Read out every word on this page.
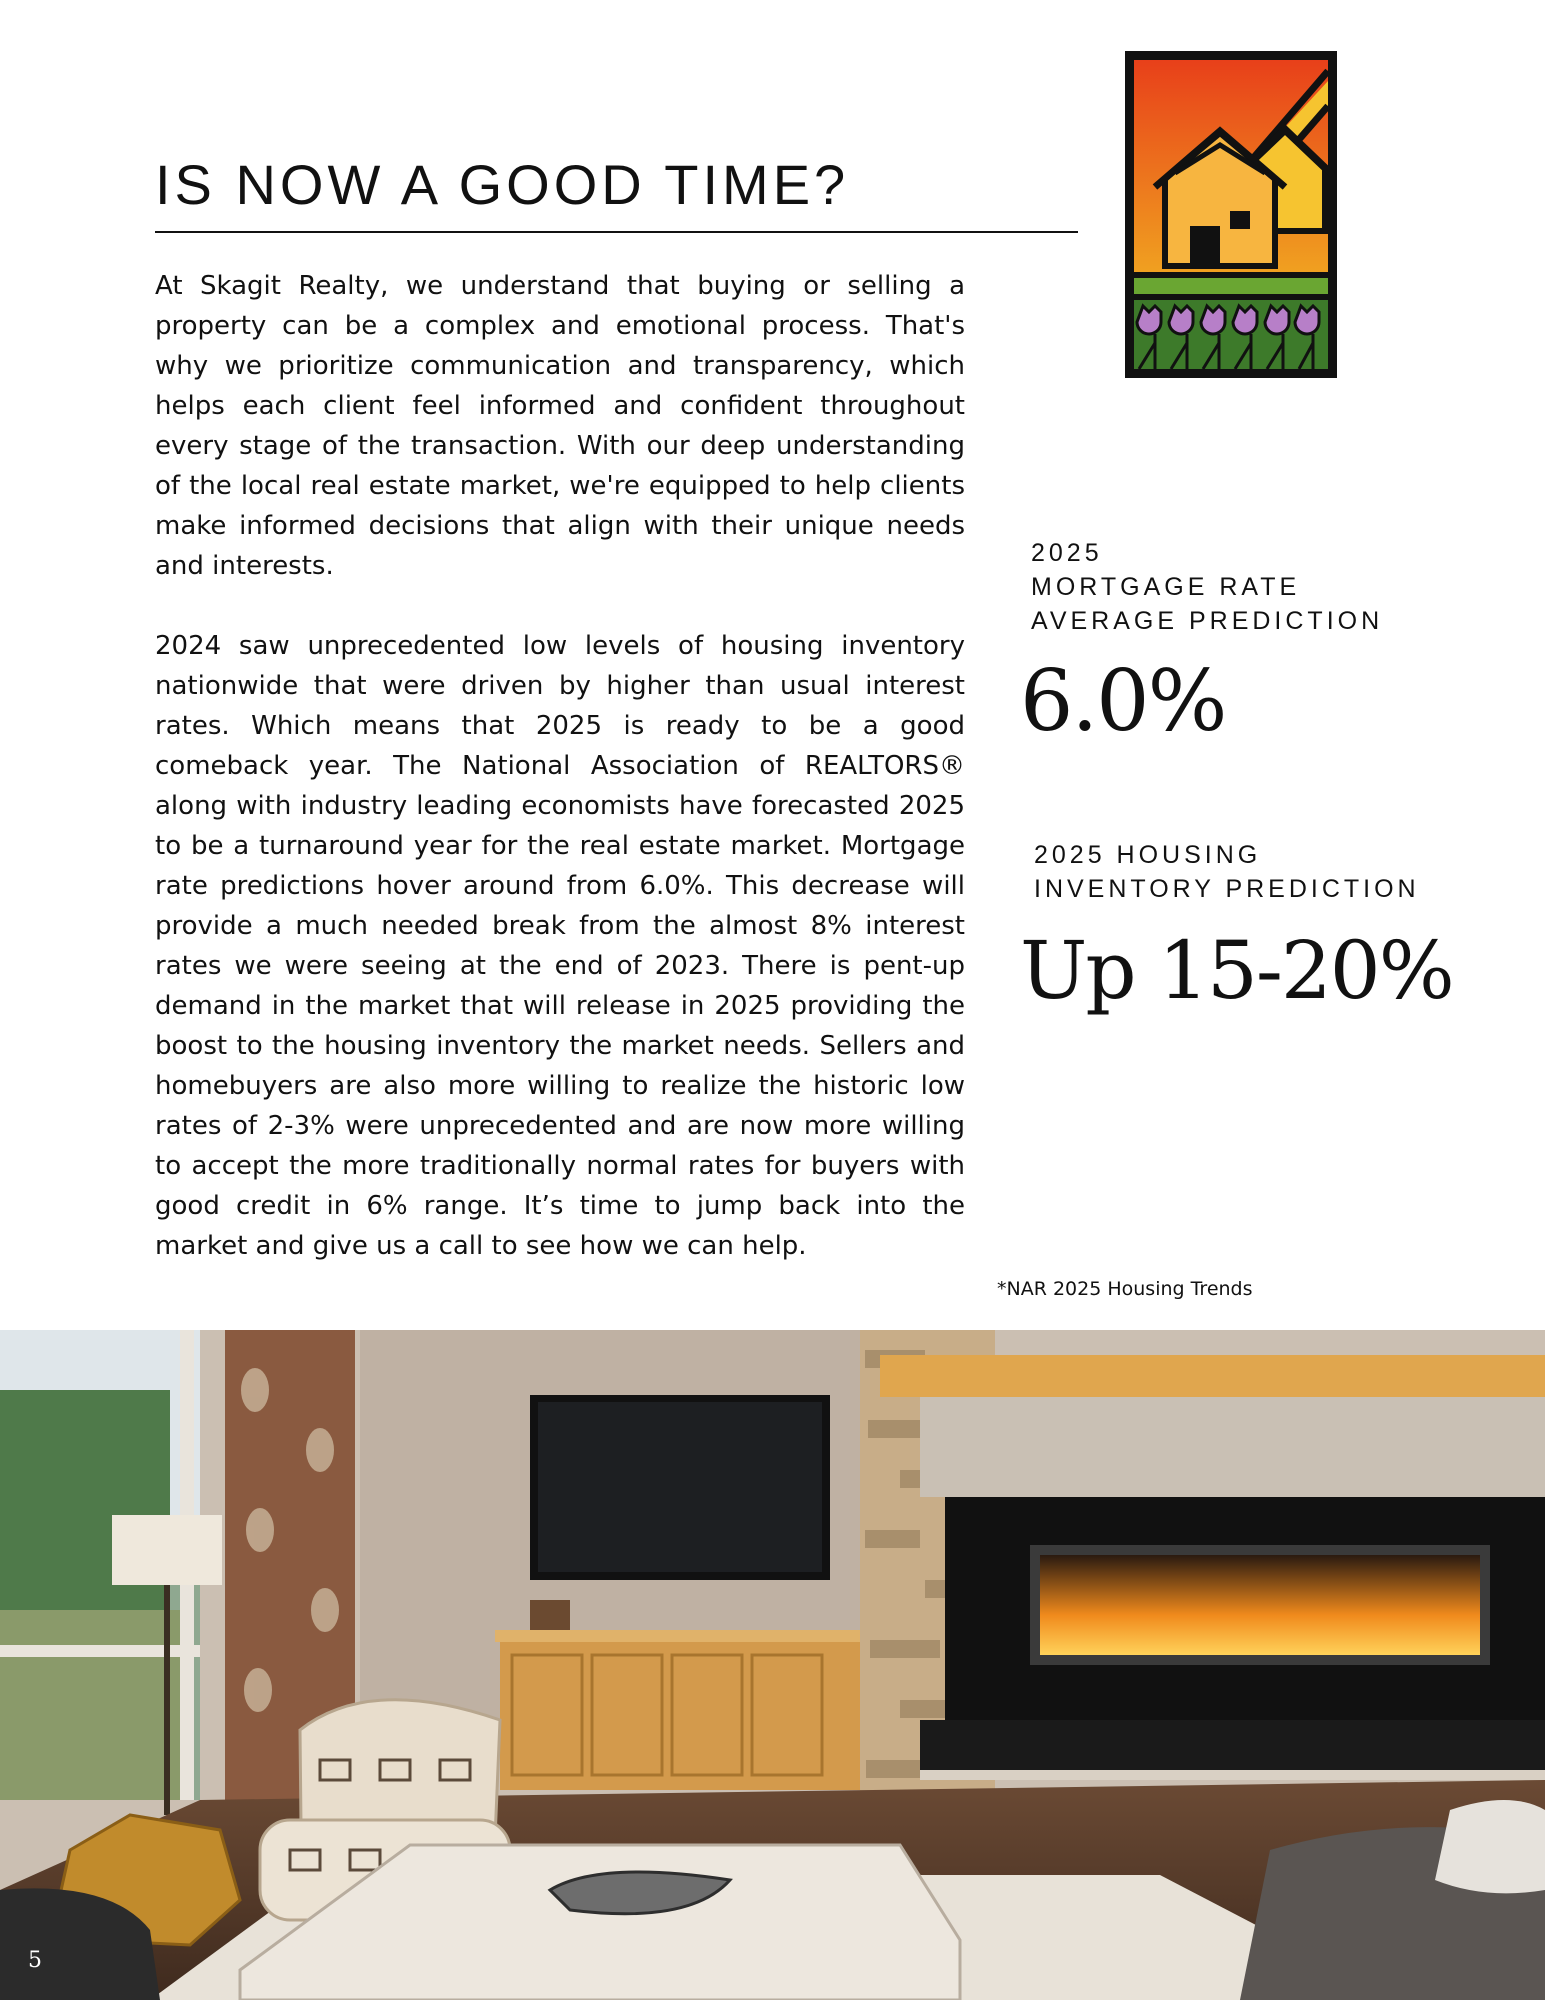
IS NOW A GOOD TIME?

At Skagit Realty, we understand that buying or selling a property can be a complex and emotional process. That's why we prioritize communication and transparency, which helps each client feel informed and confident throughout every stage of the transaction. With our deep understanding of the local real estate market, we're equipped to help clients make informed decisions that align with their unique needs and interests.

2024 saw unprecedented low levels of housing inventory nationwide that were driven by higher than usual interest rates. Which means that 2025 is ready to be a good comeback year. The National Association of REALTORS® along with industry leading economists have forecasted 2025 to be a turnaround year for the real estate market. Mortgage rate predictions hover around from 6.0%. This decrease will provide a much needed break from the almost 8% interest rates we were seeing at the end of 2023. There is pent-up demand in the market that will release in 2025 providing the boost to the housing inventory the market needs. Sellers and homebuyers are also more willing to realize the historic low rates of 2-3% were unprecedented and are now more willing to accept the more traditionally normal rates for buyers with good credit in 6% range. It’s time to jump back into the market and give us a call to see how we can help.

2025
MORTGAGE RATE
AVERAGE PREDICTION
6.0%
2025 HOUSING
INVENTORY PREDICTION
Up 15-20%
*NAR 2025 Housing Trends
5
